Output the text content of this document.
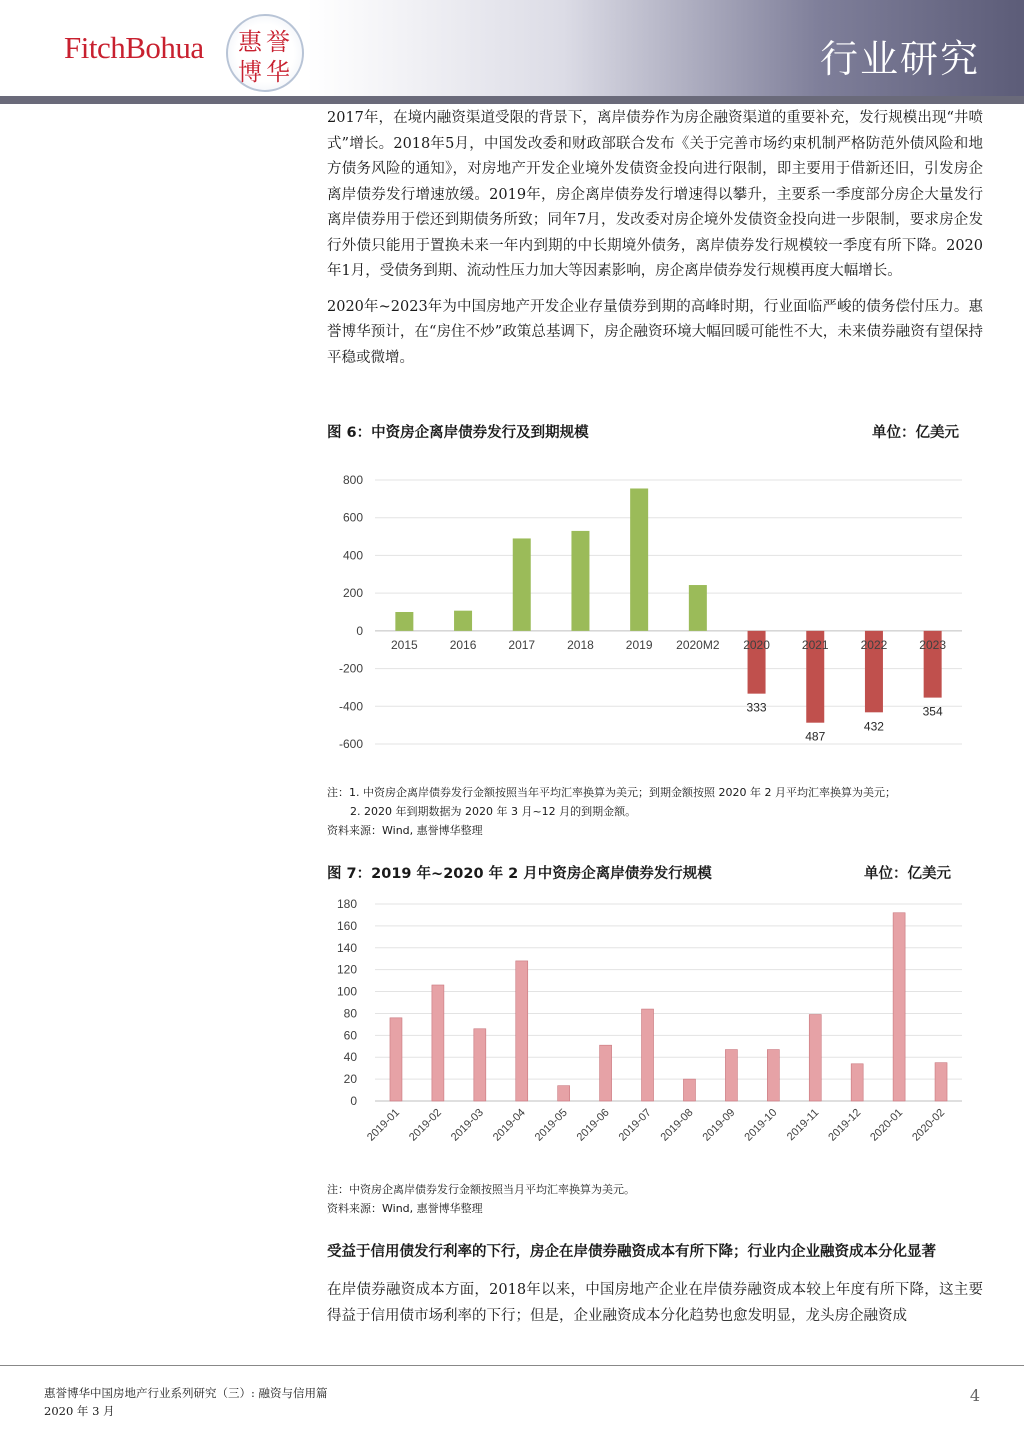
FitchBohua 惠 誉
博 华	行业研究

2017年，在境内融资渠道受限的背景下，离岸债券作为房企融资渠道的重要补充，发行规模出现“井喷式”增长。2018年5月，中国发改委和财政部联合发布《关于完善市场约束机制严格防范外债风险和地方债务风险的通知》，对房地产开发企业境外发债资金投向进行限制，即主要用于借新还旧，引发房企离岸债券发行增速放缓。2019年，房企离岸债券发行增速得以攀升，主要系一季度部分房企大量发行离岸债券用于偿还到期债务所致；同年7月，发改委对房企境外发债资金投向进一步限制，要求房企发行外债只能用于置换未来一年内到期的中长期境外债务，离岸债券发行规模较一季度有所下降。2020年1月，受债务到期、流动性压力加大等因素影响，房企离岸债券发行规模再度大幅增长。

2020年~2023年为中国房地产开发企业存量债券到期的高峰时期，行业面临严峻的债务偿付压力。惠誉博华预计，在“房住不炒”政策总基调下，房企融资环境大幅回暖可能性不大，未来债券融资有望保持平稳或微增。

图 6：中资房企离岸债券发行及到期规模	单位：亿美元
800
600
400
200
0
-200
-400
-600
2015	2016	2017	2018	2019 2020M2 2020
333
2021
487
2022
432
2023
354
注：1. 中资房企离岸债券发行金额按照当年平均汇率换算为美元；到期金额按照 2020 年 2 月平均汇率换算为美元；
2. 2020 年到期数据为 2020 年 3 月~12 月的到期金额。
资料来源：Wind, 惠誉博华整理
图 7：2019 年~2020 年 2 月中资房企离岸债券发行规模	单位：亿美元
180
160
140
120
100
80
60
40
20
0
2019-01 2019-02 2019-03 2019-04 2019-05 2019-06 2019-07 2019-08 2019-09 2019-10 2019-11 2019-12 2020-01 2020-02
注：中资房企离岸债券发行金额按照当月平均汇率换算为美元。
资料来源：Wind, 惠誉博华整理
受益于信用债发行利率的下行，房企在岸债券融资成本有所下降；行业内企业融资成本分化显著

在岸债券融资成本方面，2018年以来，中国房地产企业在岸债券融资成本较上年度有所下降，这主要得益于信用债市场利率的下行；但是，企业融资成本分化趋势也愈发明显，龙头房企融资成

惠誉博华中国房地产行业系列研究（三）: 融资与信用篇
2020 年 3 月
4
